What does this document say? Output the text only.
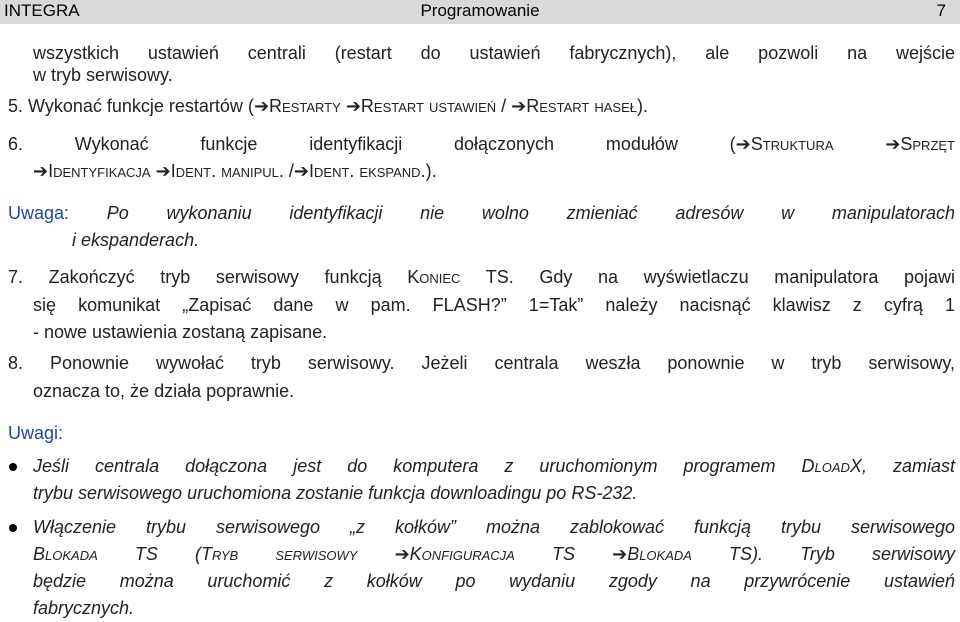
INTEGRA	Programowanie	7
wszystkich ustawień centrali (restart do ustawień fabrycznych), ale pozwoli na wejście
w tryb serwisowy.
5. Wykonać funkcje restartów (➔Restarty ➔Restart ustawień / ➔Restart haseł).
6. Wykonać funkcje identyfikacji dołączonych modułów (➔Struktura	➔Sprzęt
➔Identyfikacja ➔Ident. manipul. /➔Ident. ekspand.).
Uwaga: Po wykonaniu identyfikacji nie wolno zmieniać adresów w manipulatorach
i ekspanderach.
7. Zakończyć tryb serwisowy funkcją Koniec TS. Gdy na wyświetlaczu manipulatora pojawi
się komunikat „Zapisać dane w pam. FLASH?” 1=Tak” należy nacisnąć klawisz z cyfrą 1
- nowe ustawienia zostaną zapisane.
8. Ponownie wywołać tryb serwisowy. Jeżeli centrala weszła ponownie w tryb serwisowy,
oznacza to, że działa poprawnie.
Uwagi:
Jeśli centrala dołączona jest do komputera z uruchomionym programem DloadX, zamiast
trybu serwisowego uruchomiona zostanie funkcja downloadingu po RS-232.
Włączenie trybu serwisowego „z kołków” można zablokować funkcją trybu serwisowego
Blokada TS (Tryb serwisowy ➔Konfiguracja TS ➔Blokada TS). Tryb serwisowy
będzie można uruchomić z kołków po wydaniu zgody na przywrócenie ustawień
fabrycznych.
